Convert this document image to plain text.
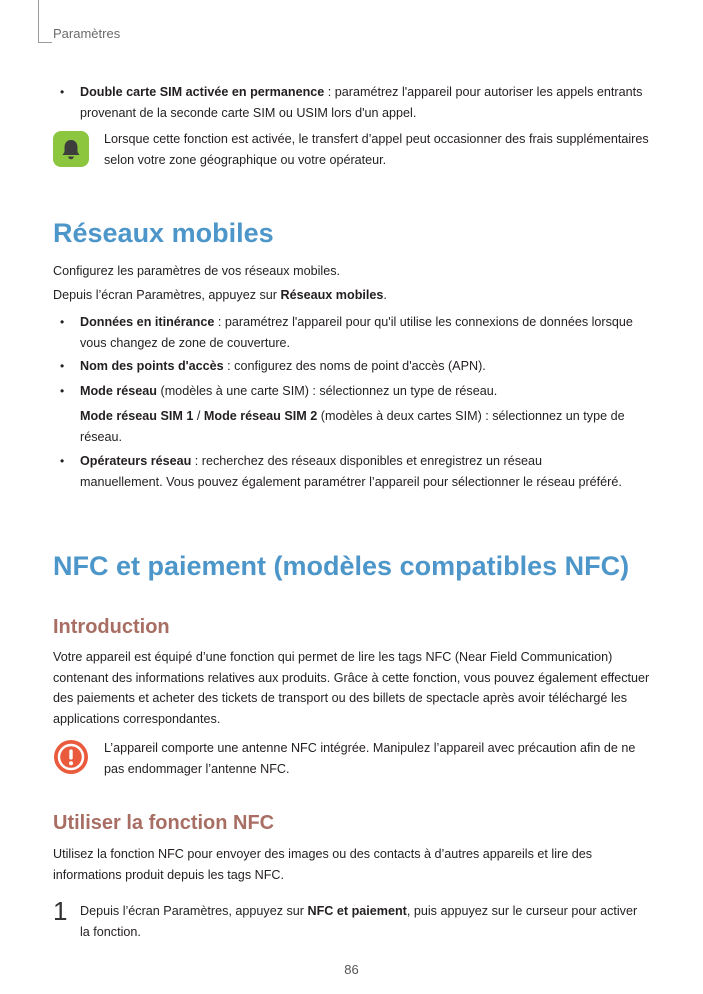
Paramètres
• Double carte SIM activée en permanence : paramétrez l'appareil pour autoriser les appels entrants provenant de la seconde carte SIM ou USIM lors d'un appel.
Lorsque cette fonction est activée, le transfert d’appel peut occasionner des frais supplémentaires selon votre zone géographique ou votre opérateur.
Réseaux mobiles
Configurez les paramètres de vos réseaux mobiles.
Depuis l’écran Paramètres, appuyez sur Réseaux mobiles.
• Données en itinérance : paramétrez l'appareil pour qu'il utilise les connexions de données lorsque vous changez de zone de couverture.
• Nom des points d'accès : configurez des noms de point d'accès (APN).
• Mode réseau (modèles à une carte SIM) : sélectionnez un type de réseau.
Mode réseau SIM 1 / Mode réseau SIM 2 (modèles à deux cartes SIM) : sélectionnez un type de réseau.
• Opérateurs réseau : recherchez des réseaux disponibles et enregistrez un réseau manuellement. Vous pouvez également paramétrer l’appareil pour sélectionner le réseau préféré.
NFC et paiement (modèles compatibles NFC)
Introduction
Votre appareil est équipé d’une fonction qui permet de lire les tags NFC (Near Field Communication) contenant des informations relatives aux produits. Grâce à cette fonction, vous pouvez également effectuer des paiements et acheter des tickets de transport ou des billets de spectacle après avoir téléchargé les applications correspondantes.
L’appareil comporte une antenne NFC intégrée. Manipulez l’appareil avec précaution afin de ne pas endommager l’antenne NFC.
Utiliser la fonction NFC
Utilisez la fonction NFC pour envoyer des images ou des contacts à d’autres appareils et lire des informations produit depuis les tags NFC.
1 Depuis l’écran Paramètres, appuyez sur NFC et paiement, puis appuyez sur le curseur pour activer la fonction.
86
